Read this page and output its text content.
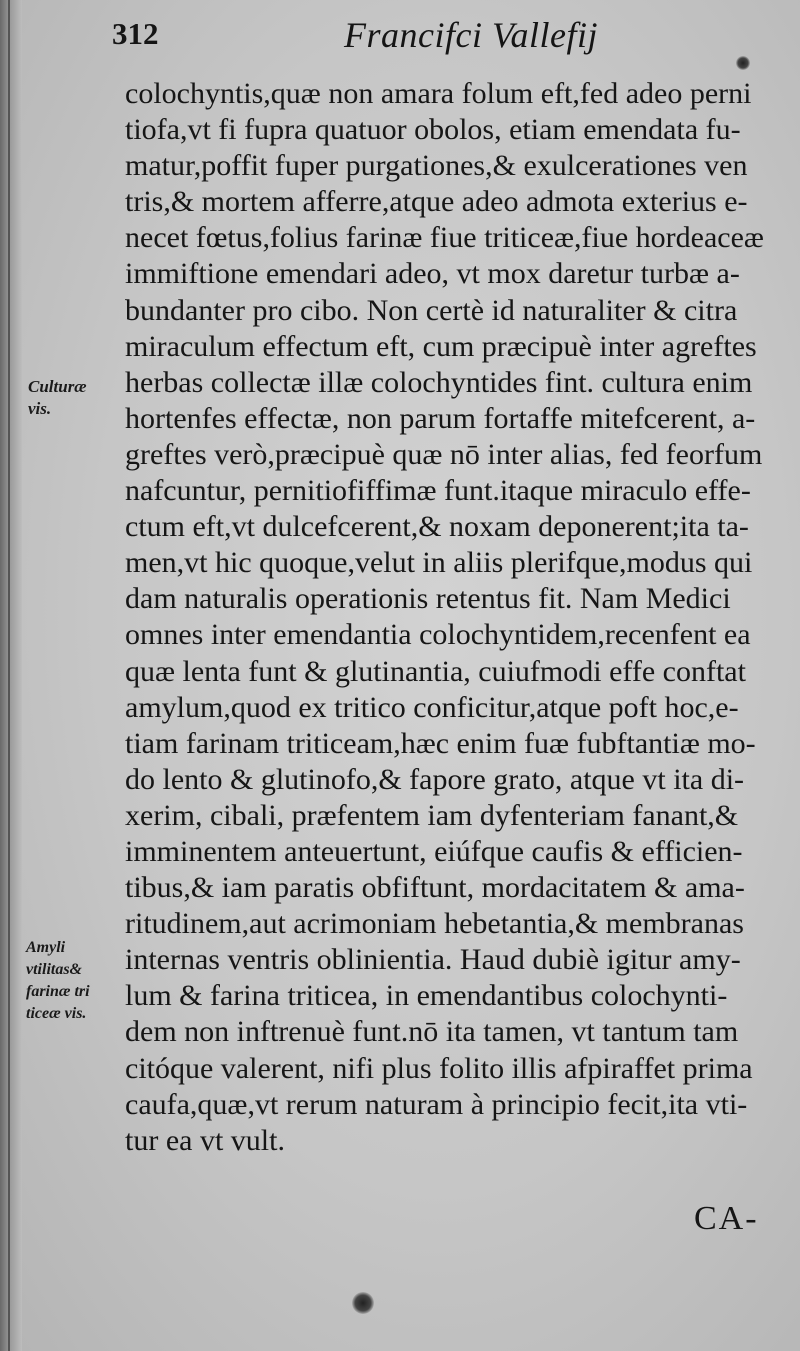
312	Francifci Vallefij
colochyntis,quæ non amara folum eft,fed adeo perni
tiofa,vt fi fupra quatuor obolos, etiam emendata fu-
matur,poffit fuper purgationes,& exulcerationes ven
tris,& mortem afferre,atque adeo admota exterius e-
necet fœtus,folius farinæ fiue triticeæ,fiue hordeaceæ
immiftione emendari adeo, vt mox daretur turbæ a-
bundanter pro cibo. Non certè id naturaliter & citra
miraculum effectum eft, cum præcipuè inter agreftes
herbas collectæ illæ colochyntides fint. cultura enim
hortenfes effectæ, non parum fortaffe mitefcerent, a-
greftes verò,præcipuè quæ nō inter alias, fed feorfum
nafcuntur, pernitiofiffimæ funt.itaque miraculo effe-
ctum eft,vt dulcefcerent,& noxam deponerent;ita ta-
men,vt hic quoque,velut in aliis plerifque,modus qui
dam naturalis operationis retentus fit. Nam Medici
omnes inter emendantia colochyntidem,recenfent ea
quæ lenta funt & glutinantia, cuiufmodi effe conftat
amylum,quod ex tritico conficitur,atque poft hoc,e-
tiam farinam triticeam,hæc enim fuæ fubftantiæ mo-
do lento & glutinofo,& fapore grato, atque vt ita di-
xerim, cibali, præfentem iam dyfenteriam fanant,&
imminentem anteuertunt, eiúfque caufis & efficien-
tibus,& iam paratis obfiftunt, mordacitatem & ama-
ritudinem,aut acrimoniam hebetantia,& membranas
internas ventris oblinientia. Haud dubiè igitur amy-
lum & farina triticea, in emendantibus colochynti-
dem non inftrenuè funt.nō ita tamen, vt tantum tam
citóque valerent, nifi plus folito illis afpiraffet prima
caufa,quæ,vt rerum naturam à principio fecit,ita vti-
tur ea vt vult.
Culturæ
vis.
Amyli
vtilitas&
farinæ tri
ticeæ vis.
CA-
